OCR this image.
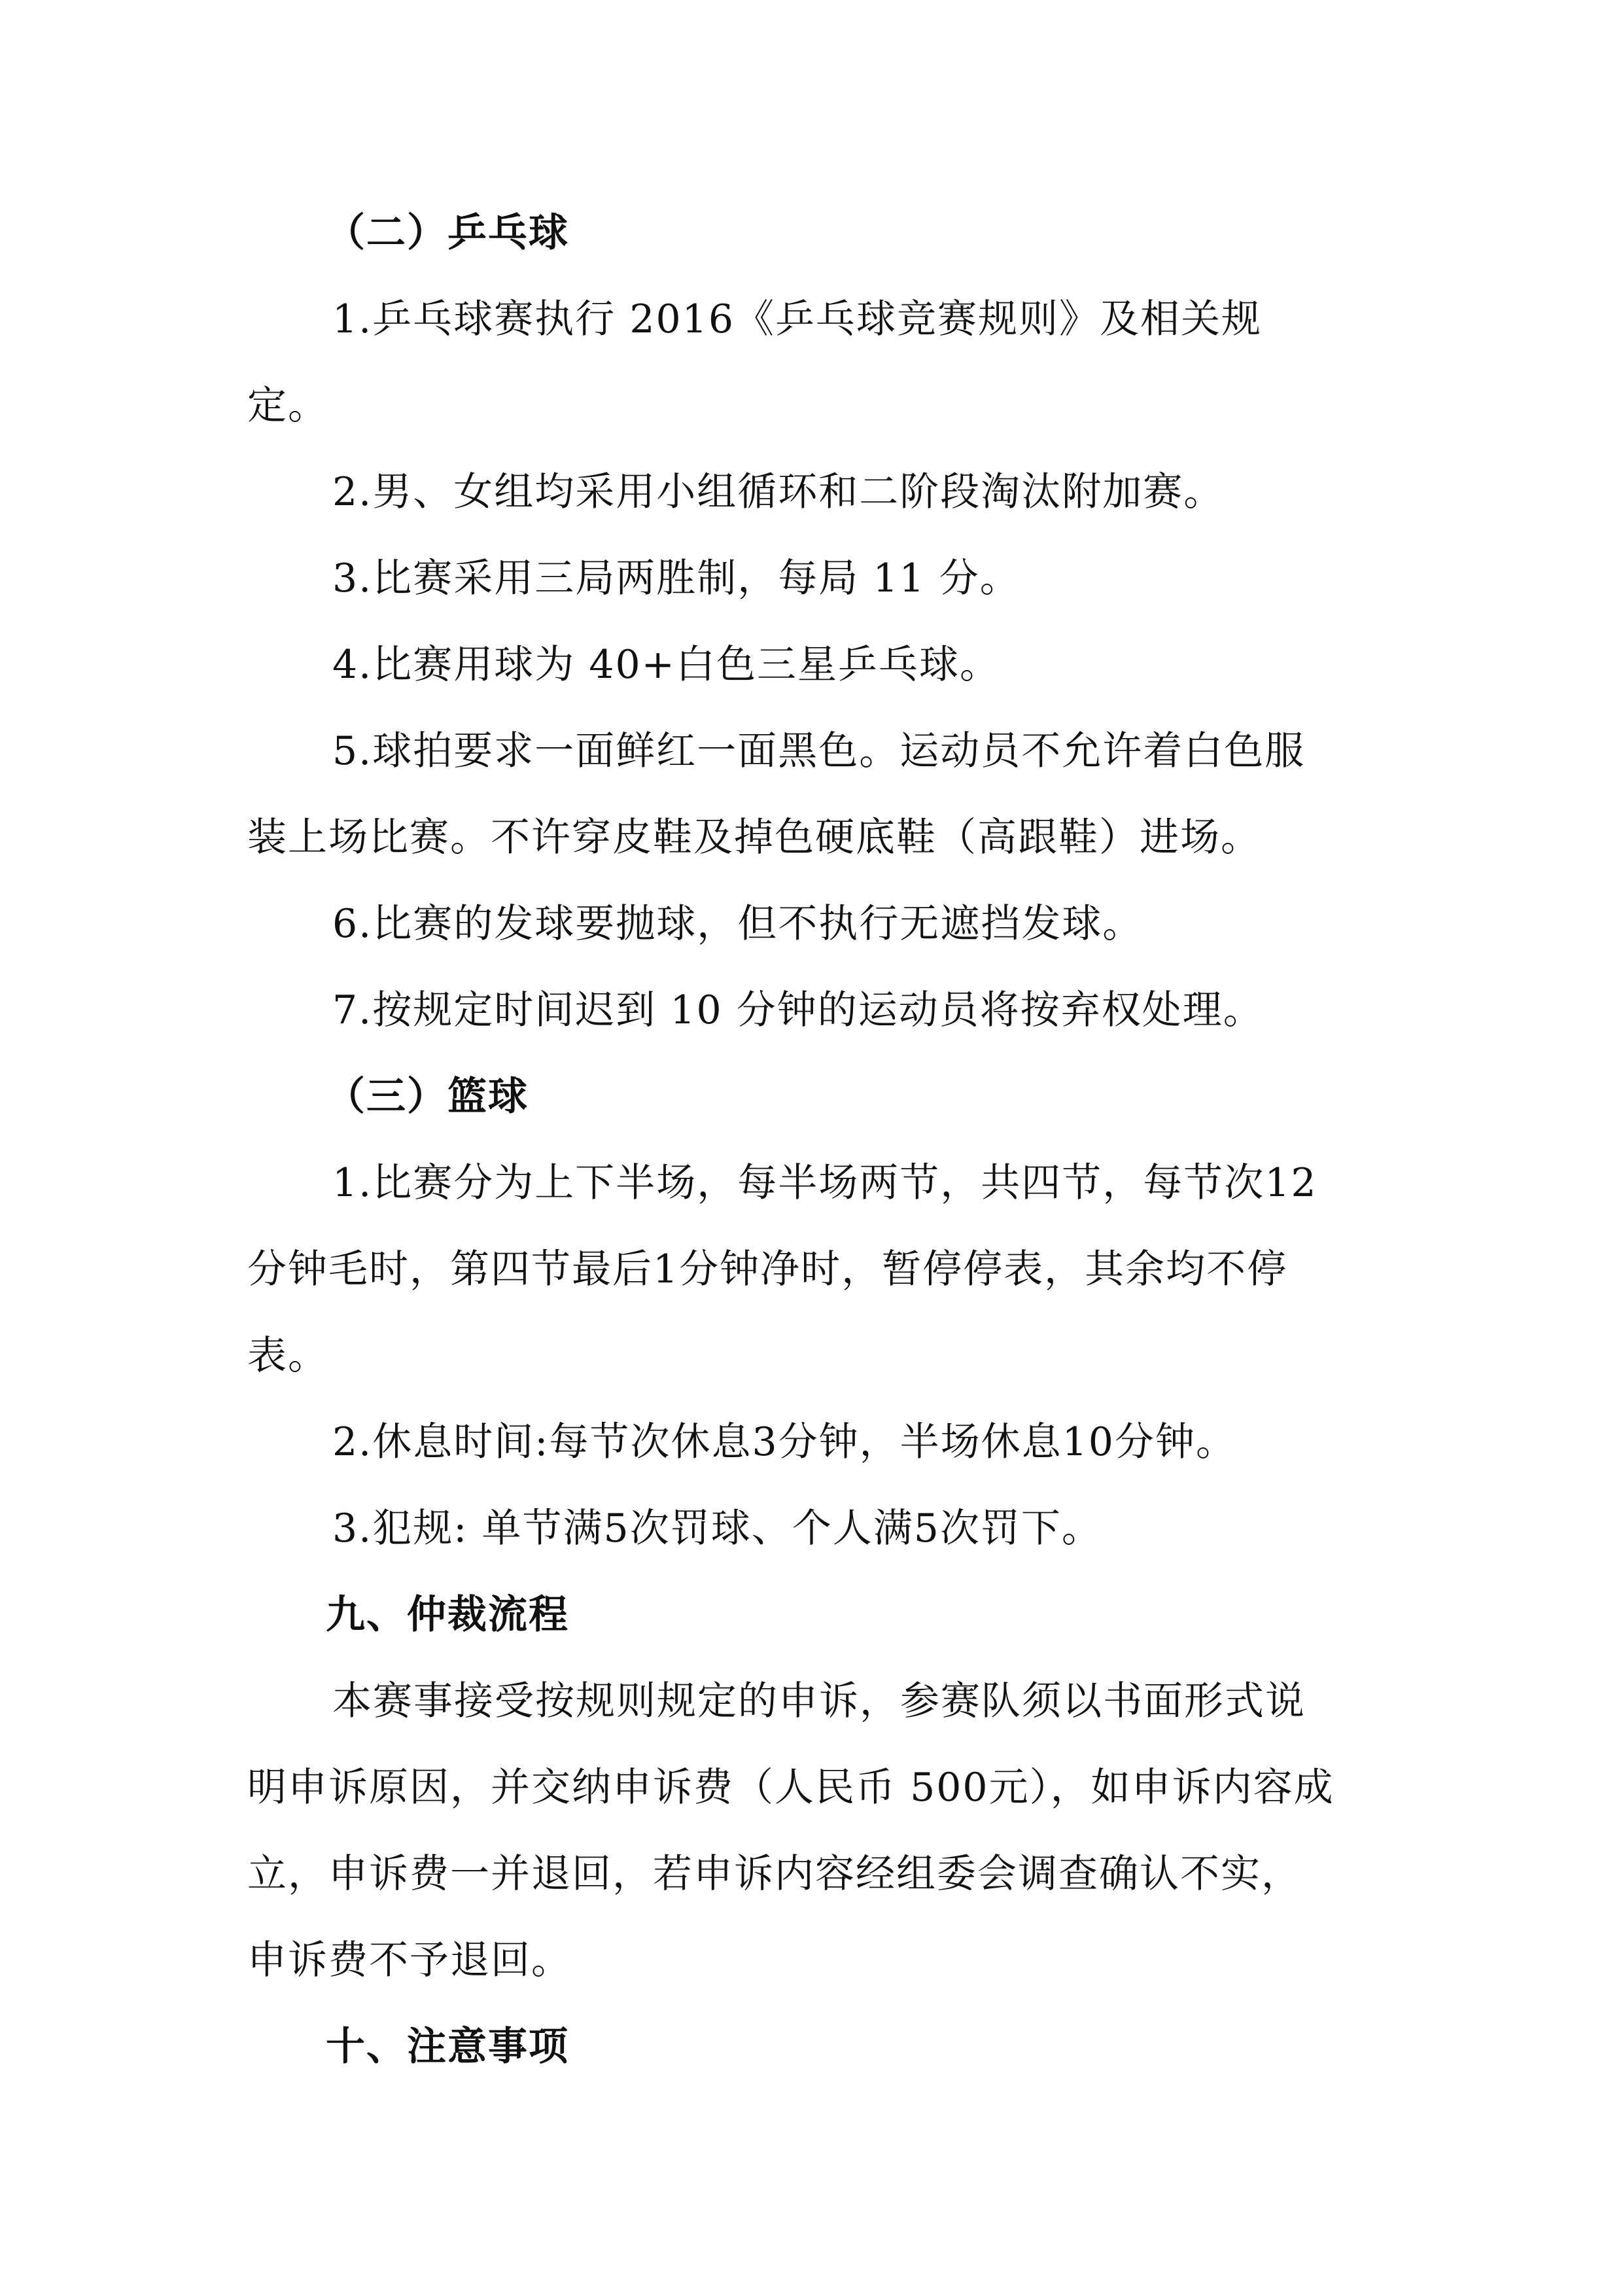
（二）乒乓球
1.乒乓球赛执行 2016《乒乓球竞赛规则》及相关规
定。
2.男、女组均采用小组循环和二阶段淘汰附加赛。
3.比赛采用三局两胜制，每局 11 分。
4.比赛用球为 40+白色三星乒乓球。
5.球拍要求一面鲜红一面黑色。运动员不允许着白色服
装上场比赛。不许穿皮鞋及掉色硬底鞋（高跟鞋）进场。
6.比赛的发球要抛球，但不执行无遮挡发球。
7.按规定时间迟到 10 分钟的运动员将按弃权处理。
（三）篮球
1.比赛分为上下半场，每半场两节，共四节，每节次12
分钟毛时，第四节最后1分钟净时，暂停停表，其余均不停
表。
2.休息时间:每节次休息3分钟，半场休息10分钟。
3.犯规: 单节满5次罚球、个人满5次罚下。
九、仲裁流程
本赛事接受按规则规定的申诉，参赛队须以书面形式说
明申诉原因，并交纳申诉费（人民币 500元），如申诉内容成
立，申诉费一并退回，若申诉内容经组委会调查确认不实，
申诉费不予退回。
十、注意事项
